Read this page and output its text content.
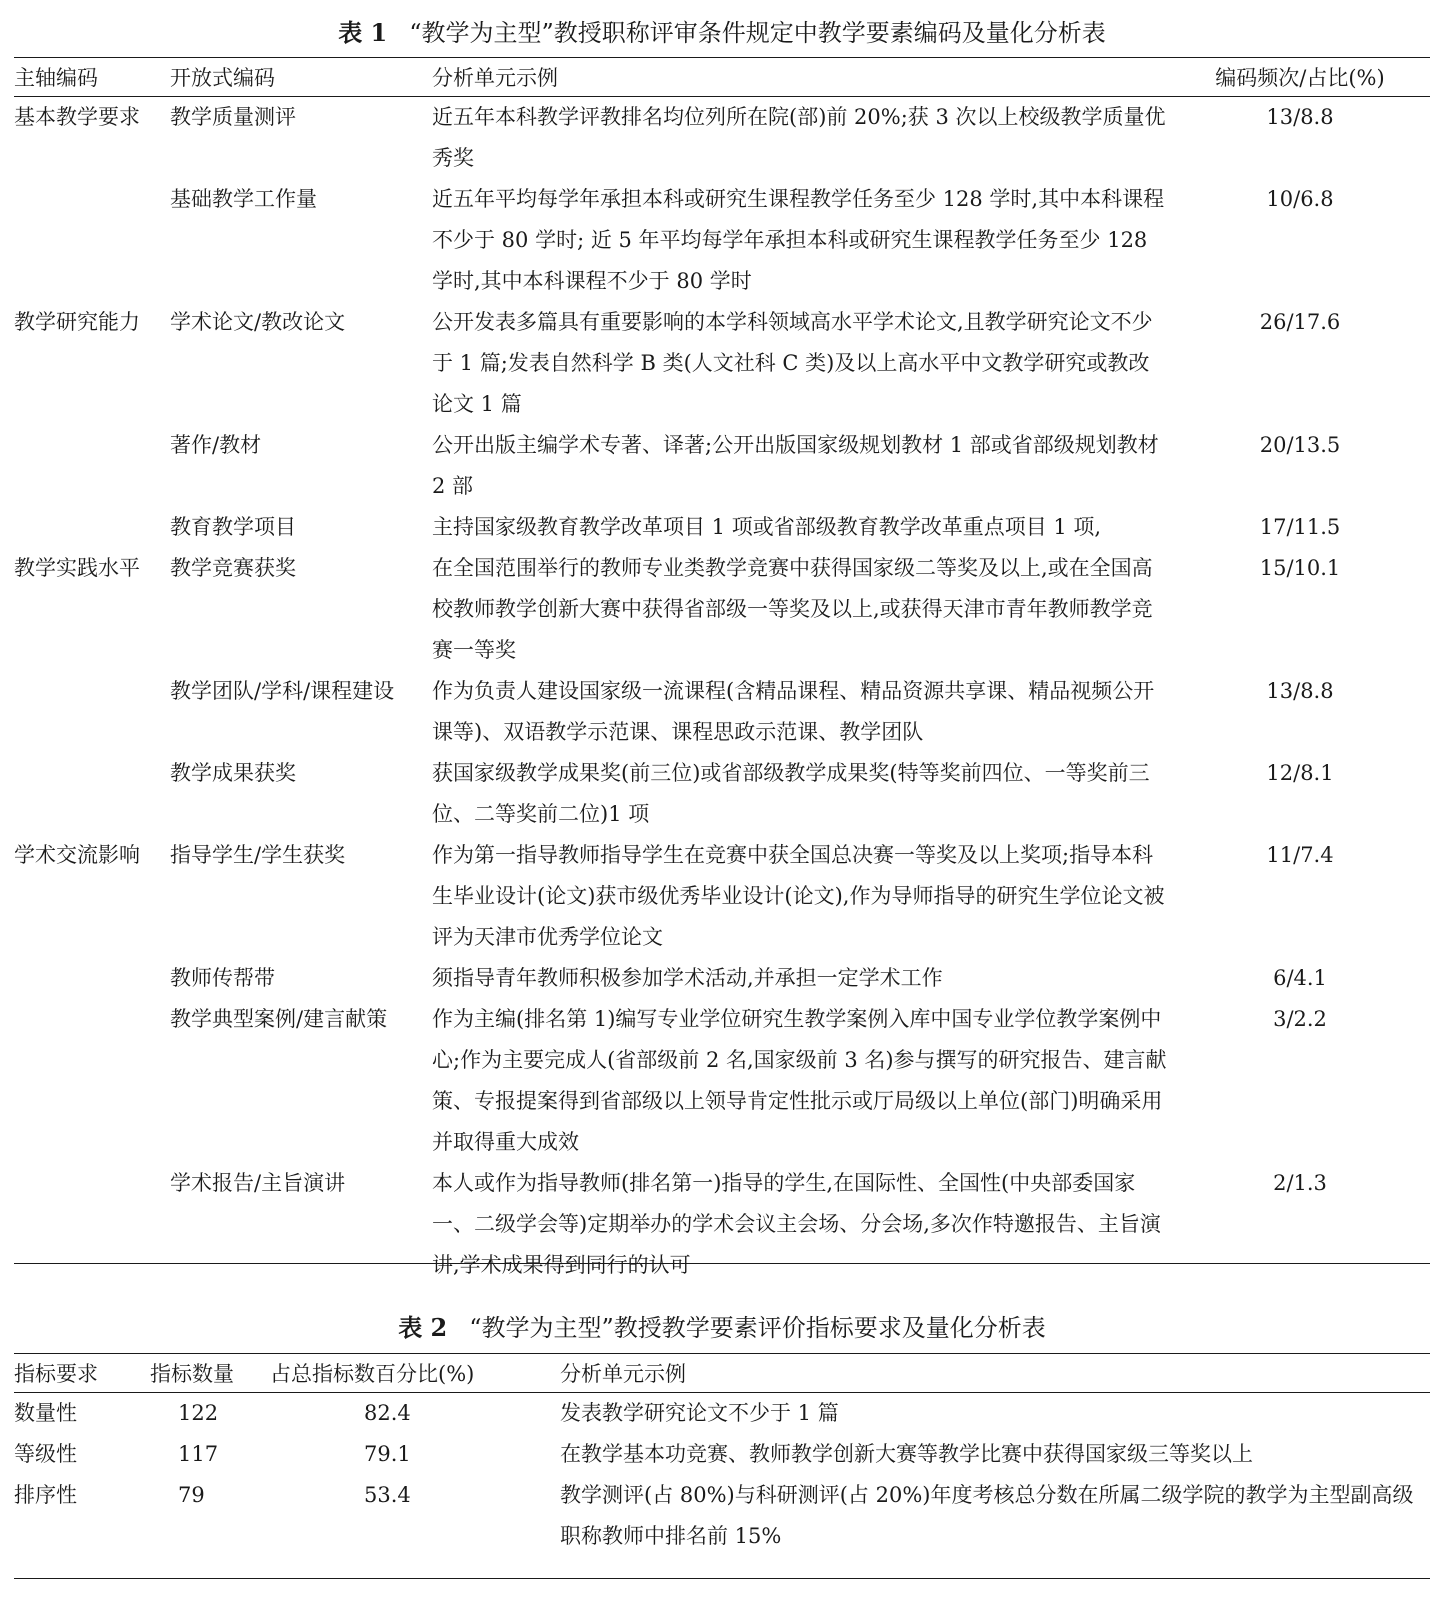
表 1 “教学为主型”教授职称评审条件规定中教学要素编码及量化分析表
主轴编码	开放式编码	分析单元示例	编码频次/占比(%)
基本教学要求	教学质量测评	近五年本科教学评教排名均位列所在院(部)前 20%;获 3 次以上校级教学质量优秀奖	13/8.8
	基础教学工作量	近五年平均每学年承担本科或研究生课程教学任务至少 128 学时,其中本科课程不少于 80 学时; 近 5 年平均每学年承担本科或研究生课程教学任务至少 128 学时,其中本科课程不少于 80 学时	10/6.8
教学研究能力	学术论文/教改论文	公开发表多篇具有重要影响的本学科领域高水平学术论文,且教学研究论文不少于 1 篇;发表自然科学 B 类(人文社科 C 类)及以上高水平中文教学研究或教改论文 1 篇	26/17.6
	著作/教材	公开出版主编学术专著、译著;公开出版国家级规划教材 1 部或省部级规划教材 2 部	20/13.5
	教育教学项目	主持国家级教育教学改革项目 1 项或省部级教育教学改革重点项目 1 项,	17/11.5
教学实践水平	教学竞赛获奖	在全国范围举行的教师专业类教学竞赛中获得国家级二等奖及以上,或在全国高校教师教学创新大赛中获得省部级一等奖及以上,或获得天津市青年教师教学竞赛一等奖	15/10.1
	教学团队/学科/课程建设	作为负责人建设国家级一流课程(含精品课程、精品资源共享课、精品视频公开课等)、双语教学示范课、课程思政示范课、教学团队	13/8.8
	教学成果获奖	获国家级教学成果奖(前三位)或省部级教学成果奖(特等奖前四位、一等奖前三位、二等奖前二位)1 项	12/8.1
学术交流影响	指导学生/学生获奖	作为第一指导教师指导学生在竞赛中获全国总决赛一等奖及以上奖项;指导本科生毕业设计(论文)获市级优秀毕业设计(论文),作为导师指导的研究生学位论文被评为天津市优秀学位论文	11/7.4
	教师传帮带	须指导青年教师积极参加学术活动,并承担一定学术工作	6/4.1
	教学典型案例/建言献策	作为主编(排名第 1)编写专业学位研究生教学案例入库中国专业学位教学案例中心;作为主要完成人(省部级前 2 名,国家级前 3 名)参与撰写的研究报告、建言献策、专报提案得到省部级以上领导肯定性批示或厅局级以上单位(部门)明确采用并取得重大成效	3/2.2
	学术报告/主旨演讲	本人或作为指导教师(排名第一)指导的学生,在国际性、全国性(中央部委国家一、二级学会等)定期举办的学术会议主会场、分会场,多次作特邀报告、主旨演讲,学术成果得到同行的认可	2/1.3
表 2 “教学为主型”教授教学要素评价指标要求及量化分析表
指标要求	指标数量	占总指标数百分比(%)	分析单元示例
数量性	122	82.4	发表教学研究论文不少于 1 篇
等级性	117	79.1	在教学基本功竞赛、教师教学创新大赛等教学比赛中获得国家级三等奖以上
排序性	79	53.4	教学测评(占 80%)与科研测评(占 20%)年度考核总分数在所属二级学院的教学为主型副高级职称教师中排名前 15%
